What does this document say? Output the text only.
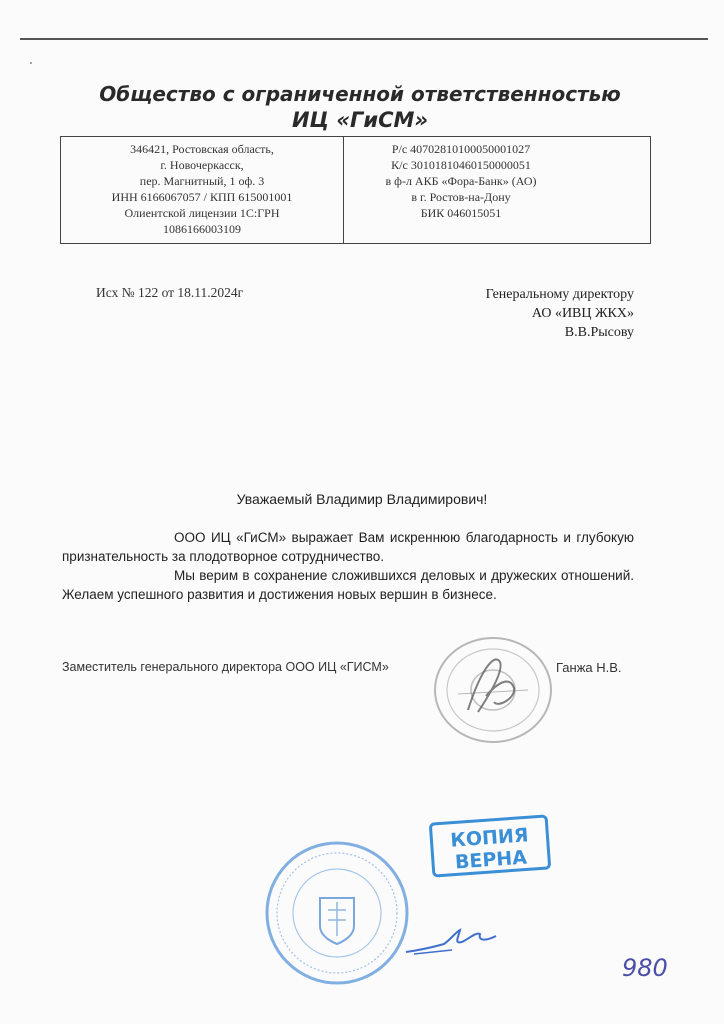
Общество с ограниченной ответственностью
ИЦ «ГиСМ»
346421, Ростовская область,
г. Новочеркасск,
пер. Магнитный, 1 оф. 3
ИНН 6166067057 / КПП 615001001
Олиентской лицензии 1С:ГРН
1086166003109
Р/с 40702810100050001027
К/с 30101810460150000051
в ф-л АКБ «Фора-Банк» (АО)
в г. Ростов-на-Дону
БИК 046015051
Исх № 122 от 18.11.2024г	Генеральному директору
АО «ИВЦ ЖКХ»
В.В.Рысову
Уважаемый Владимир Владимирович!
ООО ИЦ «ГиСМ» выражает Вам искреннюю благодарность и глубокую признательность за плодотворное сотрудничество.
Мы верим в сохранение сложившихся деловых и дружеских отношений. Желаем успешного развития и достижения новых вершин в бизнесе.
Заместитель генерального директора ООО ИЦ «ГИСМ»	Ганжа Н.В.
КОПИЯ
ВЕРНА
980
